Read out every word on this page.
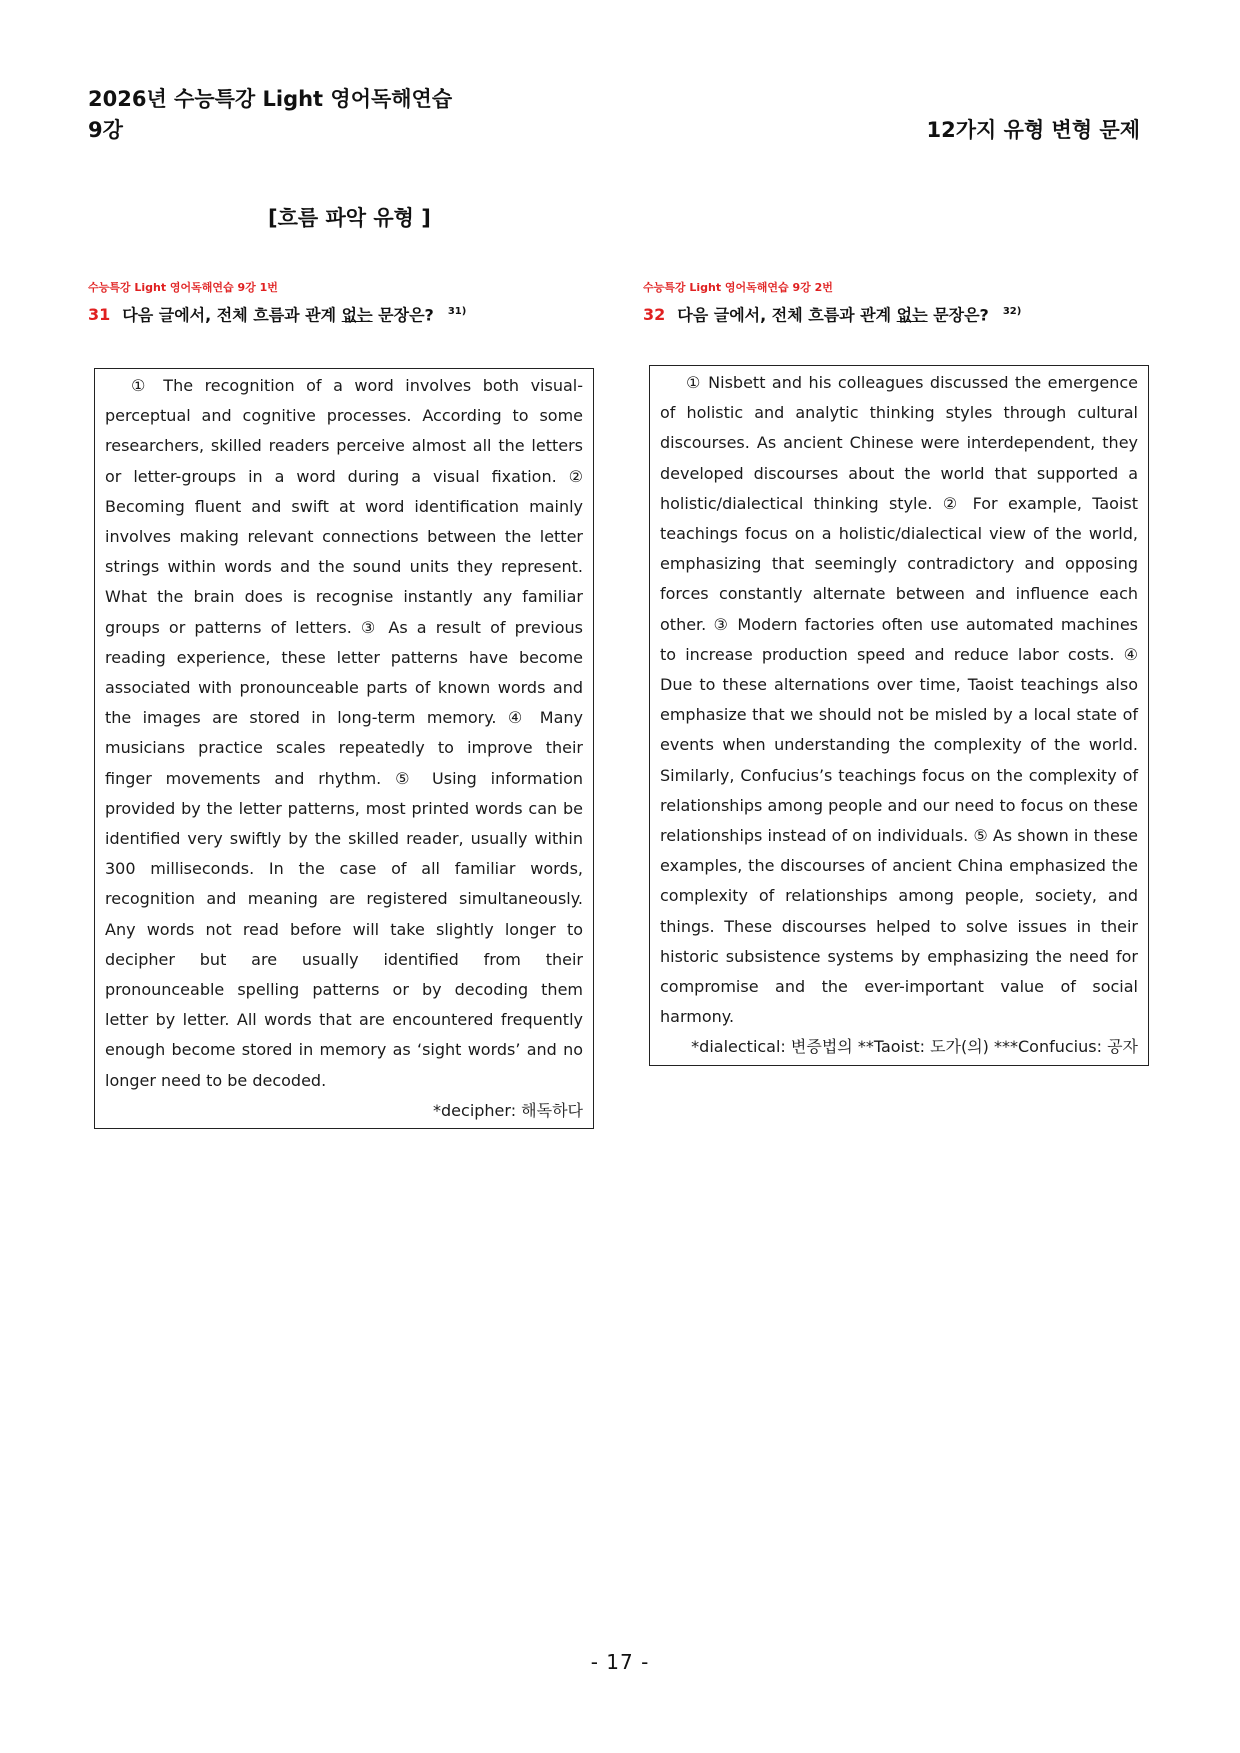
2026년 수능특강 Light 영어독해연습
9강	12가지 유형 변형 문제
[흐름 파악 유형 ]
수능특강 Light 영어독해연습 9강 1번
31 다음 글에서, 전체 흐름과 관계 없는 문장은? $^{31)}$
① The recognition of a word involves both visual-perceptual and cognitive processes. According to some researchers, skilled readers perceive almost all the letters or letter-groups in a word during a visual fixation. ② Becoming fluent and swift at word identification mainly involves making relevant connections between the letter strings within words and the sound units they represent. What the brain does is recognise instantly any familiar groups or patterns of letters. ③ As a result of previous reading experience, these letter patterns have become associated with pronounceable parts of known words and the images are stored in long-term memory. ④ Many musicians practice scales repeatedly to improve their finger movements and rhythm. ⑤ Using information provided by the letter patterns, most printed words can be identified very swiftly by the skilled reader, usually within 300 milliseconds. In the case of all familiar words, recognition and meaning are registered simultaneously. Any words not read before will take slightly longer to decipher but are usually identified from their pronounceable spelling patterns or by decoding them letter by letter. All words that are encountered frequently enough become stored in memory as ‘sight words’ and no longer need to be decoded.
*decipher: 해독하다
수능특강 Light 영어독해연습 9강 2번
32 다음 글에서, 전체 흐름과 관계 없는 문장은? $^{32)}$
① Nisbett and his colleagues discussed the emergence of holistic and analytic thinking styles through cultural discourses. As ancient Chinese were interdependent, they developed discourses about the world that supported a holistic/dialectical thinking style. ② For example, Taoist teachings focus on a holistic/dialectical view of the world, emphasizing that seemingly contradictory and opposing forces constantly alternate between and influence each other. ③ Modern factories often use automated machines to increase production speed and reduce labor costs. ④ Due to these alternations over time, Taoist teachings also emphasize that we should not be misled by a local state of events when understanding the complexity of the world. Similarly, Confucius’s teachings focus on the complexity of relationships among people and our need to focus on these relationships instead of on individuals. ⑤ As shown in these examples, the discourses of ancient China emphasized the complexity of relationships among people, society, and things. These discourses helped to solve issues in their historic subsistence systems by emphasizing the need for compromise and the ever-important value of social harmony.
*dialectical: 변증법의 **Taoist: 도가(의) ***Confucius: 공자
- 17 -
